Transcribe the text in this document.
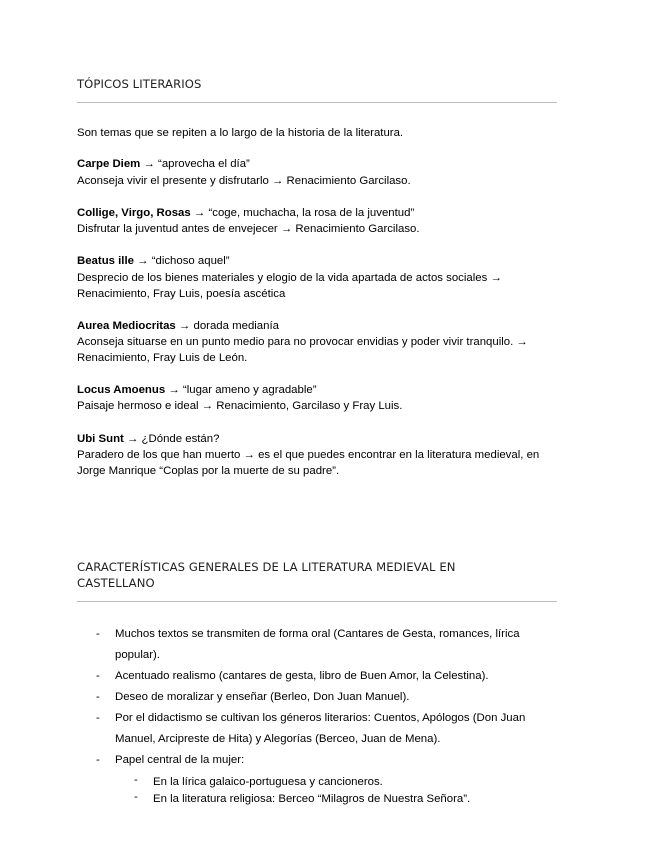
TÓPICOS LITERARIOS
Son temas que se repiten a lo largo de la historia de la literatura.
Carpe Diem → “aprovecha el día”
Aconseja vivir el presente y disfrutarlo → Renacimiento Garcilaso.
Collige, Virgo, Rosas → “coge, muchacha, la rosa de la juventud”
Disfrutar la juventud antes de envejecer → Renacimiento Garcilaso.
Beatus ille → “dichoso aquel”
Desprecio de los bienes materiales y elogio de la vida apartada de actos sociales →
Renacimiento, Fray Luis, poesía ascética
Aurea Mediocritas → dorada medianía
Aconseja situarse en un punto medio para no provocar envidias y poder vivir tranquilo. →
Renacimiento, Fray Luis de León.
Locus Amoenus → “lugar ameno y agradable”
Paisaje hermoso e ideal → Renacimiento, Garcilaso y Fray Luis.
Ubi Sunt → ¿Dónde están?
Paradero de los que han muerto → es el que puedes encontrar en la literatura medieval, en
Jorge Manrique “Coplas por la muerte de su padre”.
CARACTERÍSTICAS GENERALES DE LA LITERATURA MEDIEVAL EN
CASTELLANO
- Muchos textos se transmiten de forma oral (Cantares de Gesta, romances, lírica
popular).
- Acentuado realismo (cantares de gesta, libro de Buen Amor, la Celestina).
- Deseo de moralizar y enseñar (Berleo, Don Juan Manuel).
- Por el didactismo se cultivan los géneros literarios: Cuentos, Apólogos (Don Juan
Manuel, Arcipreste de Hita) y Alegorías (Berceo, Juan de Mena).
- Papel central de la mujer:
- En la lírica galaico-portuguesa y cancioneros.
- En la literatura religiosa: Berceo “Milagros de Nuestra Señora”.
